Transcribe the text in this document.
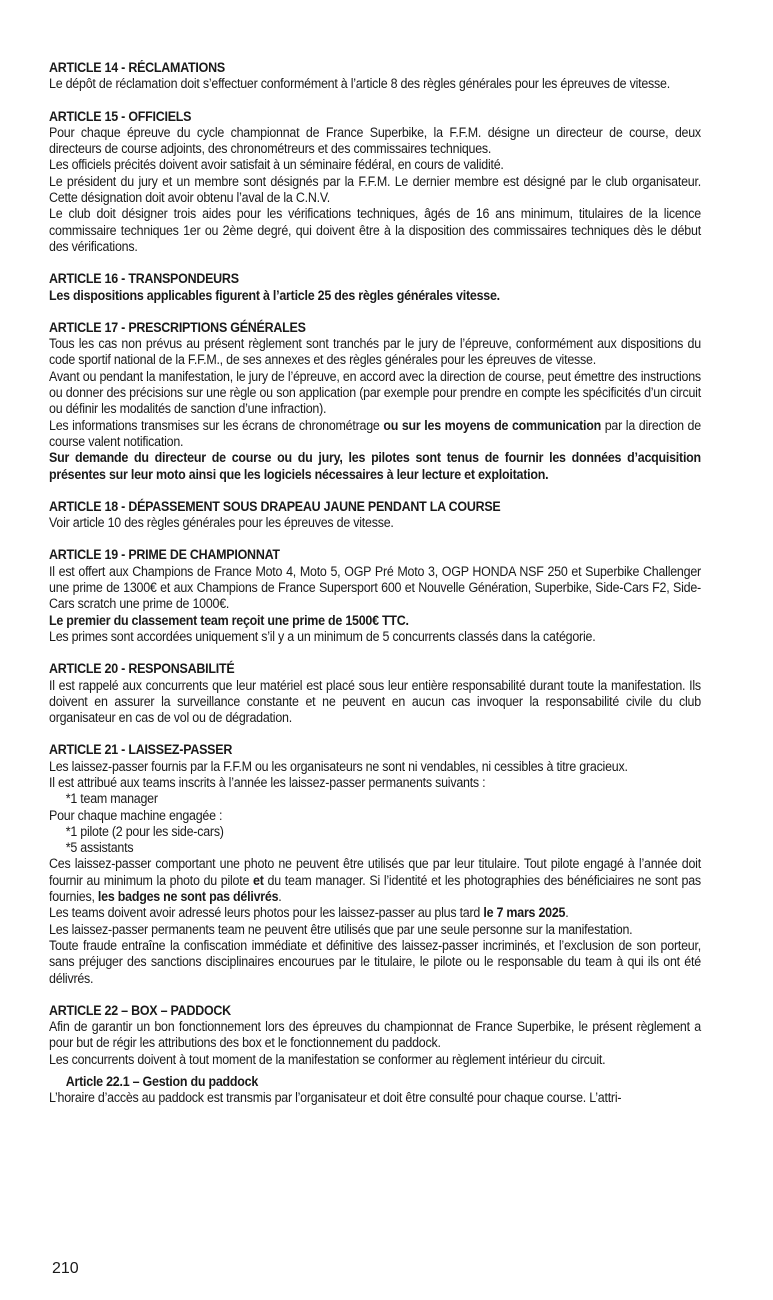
ARTICLE 14 - RÉCLAMATIONS

Le dépôt de réclamation doit s’effectuer conformément à l’article 8 des règles générales pour les épreuves de vitesse.

ARTICLE 15 - OFFICIELS

Pour chaque épreuve du cycle championnat de France Superbike, la F.F.M. désigne un directeur de course, deux directeurs de course adjoints, des chronométreurs et des commissaires techniques.

Les officiels précités doivent avoir satisfait à un séminaire fédéral, en cours de validité.

Le président du jury et un membre sont désignés par la F.F.M. Le dernier membre est désigné par le club organisateur. Cette désignation doit avoir obtenu l’aval de la C.N.V.

Le club doit désigner trois aides pour les vérifications techniques, âgés de 16 ans minimum, titulaires de la licence commissaire techniques 1er ou 2ème degré, qui doivent être à la disposition des commissaires techniques dès le début des vérifications.

ARTICLE 16 - TRANSPONDEURS

Les dispositions applicables figurent à l’article 25 des règles générales vitesse.

ARTICLE 17 - PRESCRIPTIONS GÉNÉRALES

Tous les cas non prévus au présent règlement sont tranchés par le jury de l’épreuve, conformément aux dispositions du code sportif national de la F.F.M., de ses annexes et des règles générales pour les épreuves de vitesse.

Avant ou pendant la manifestation, le jury de l’épreuve, en accord avec la direction de course, peut émettre des instructions ou donner des précisions sur une règle ou son application (par exemple pour prendre en compte les spécificités d’un circuit ou définir les modalités de sanction d’une infraction).

Les informations transmises sur les écrans de chronométrage ou sur les moyens de communication par la direction de course valent notification.

Sur demande du directeur de course ou du jury, les pilotes sont tenus de fournir les données d’acquisition présentes sur leur moto ainsi que les logiciels nécessaires à leur lecture et exploitation.

ARTICLE 18 - DÉPASSEMENT SOUS DRAPEAU JAUNE PENDANT LA COURSE

Voir article 10 des règles générales pour les épreuves de vitesse.

ARTICLE 19 - PRIME DE CHAMPIONNAT

Il est offert aux Champions de France Moto 4, Moto 5, OGP Pré Moto 3, OGP HONDA NSF 250 et Superbike Challenger une prime de 1300€ et aux Champions de France Supersport 600 et Nouvelle Génération, Superbike, Side-Cars F2, Side-Cars scratch une prime de 1000€.

Le premier du classement team reçoit une prime de 1500€ TTC.

Les primes sont accordées uniquement s’il y a un minimum de 5 concurrents classés dans la catégorie.

ARTICLE 20 - RESPONSABILITÉ

Il est rappelé aux concurrents que leur matériel est placé sous leur entière responsabilité durant toute la manifestation. Ils doivent en assurer la surveillance constante et ne peuvent en aucun cas invoquer la responsabilité civile du club organisateur en cas de vol ou de dégradation.

ARTICLE 21 - LAISSEZ-PASSER

Les laissez-passer fournis par la F.F.M ou les organisateurs ne sont ni vendables, ni cessibles à titre gracieux.

Il est attribué aux teams inscrits à l’année les laissez-passer permanents suivants :

*1 team manager

Pour chaque machine engagée :

*1 pilote (2 pour les side-cars)

*5 assistants

Ces laissez-passer comportant une photo ne peuvent être utilisés que par leur titulaire. Tout pilote engagé à l’année doit fournir au minimum la photo du pilote et du team manager. Si l’identité et les photographies des bénéficiaires ne sont pas fournies, les badges ne sont pas délivrés.

Les teams doivent avoir adressé leurs photos pour les laissez-passer au plus tard le 7 mars 2025.

Les laissez-passer permanents team ne peuvent être utilisés que par une seule personne sur la manifestation.

Toute fraude entraîne la confiscation immédiate et définitive des laissez-passer incriminés, et l’exclusion de son porteur, sans préjuger des sanctions disciplinaires encourues par le titulaire, le pilote ou le responsable du team à qui ils ont été délivrés.

ARTICLE 22 – BOX – PADDOCK

Afin de garantir un bon fonctionnement lors des épreuves du championnat de France Superbike, le présent règlement a pour but de régir les attributions des box et le fonctionnement du paddock.

Les concurrents doivent à tout moment de la manifestation se conformer au règlement intérieur du circuit.

Article 22.1 – Gestion du paddock

L’horaire d’accès au paddock est transmis par l’organisateur et doit être consulté pour chaque course. L’attri-

210
